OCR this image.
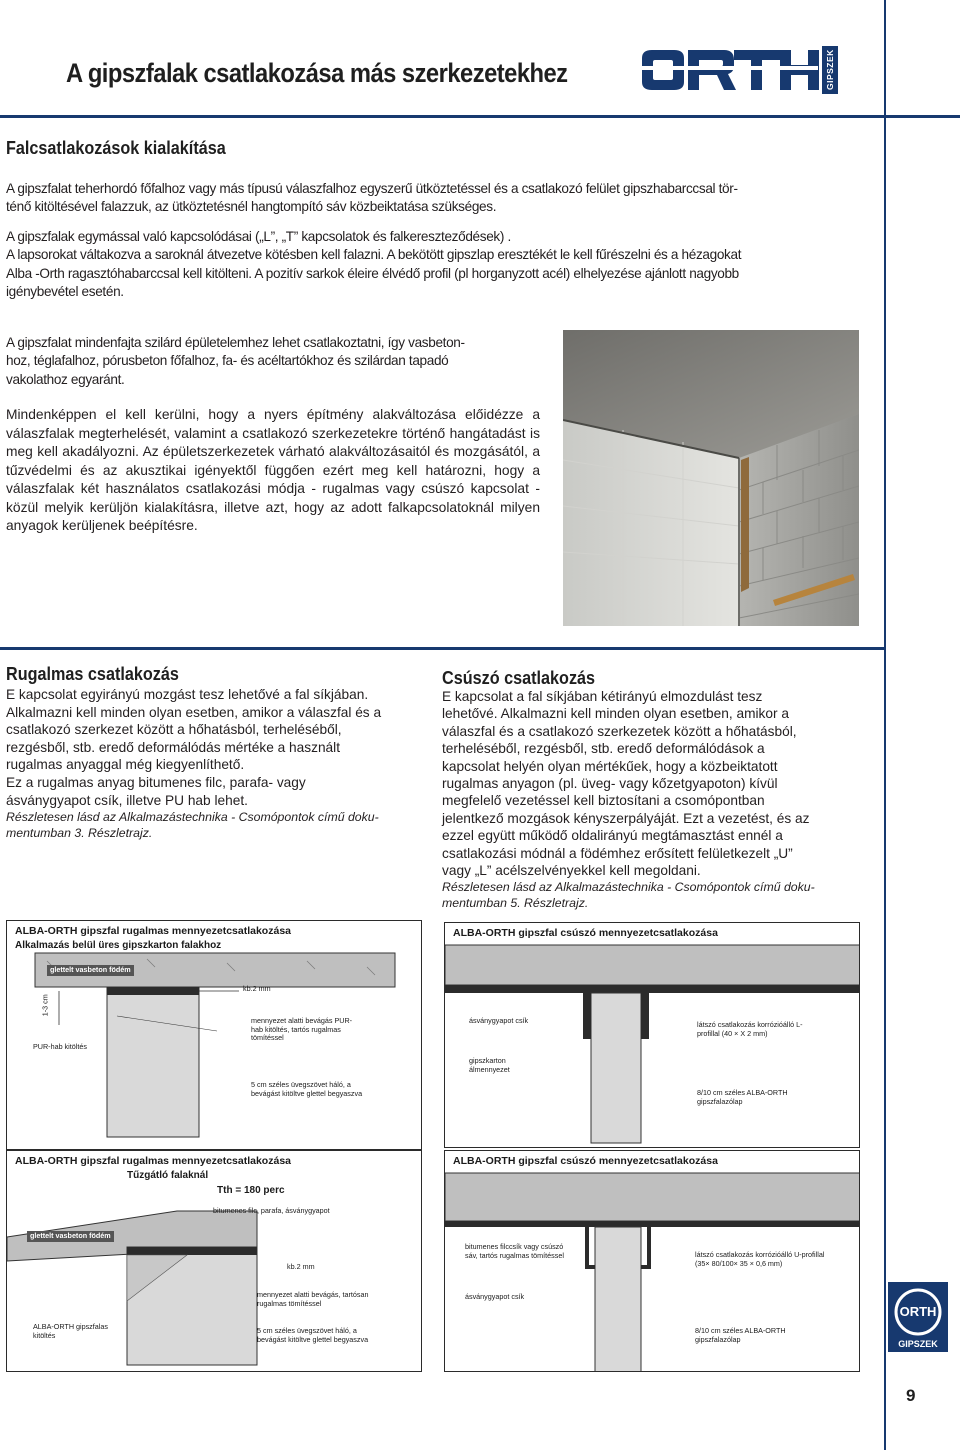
A gipszfalak csatlakozása más szerkezetekhez	GIPSZEK
Falcsatlakozások kialakítása
A gipszfalat teherhordó főfalhoz vagy más típusú válaszfalhoz egyszerű ütköztetéssel és a csatlakozó felület gipszhabarccsal tör-
ténő kitöltésével falazzuk, az ütköztetésnél hangtompító sáv közbeiktatása szükséges.
A gipszfalak egymással való kapcsolódásai („L”, „T” kapcsolatok és falkereszteződések) .
A lapsorokat váltakozva a saroknál átvezetve kötésben kell falazni. A bekötött gipszlap eresztékét le kell fűrészelni és a hézagokat
Alba -Orth ragasztóhabarccsal kell kitölteni. A pozitív sarkok éleire élvédő profil (pl horganyzott acél) elhelyezése ajánlott nagyobb
igénybevétel esetén.
A gipszfalat mindenfajta szilárd épületelemhez lehet csatlakoztatni, így vasbeton-
hoz, téglafalhoz, pórusbeton főfalhoz, fa- és acéltartókhoz és szilárdan tapadó
vakolathoz egyaránt.
Mindenképpen el kell kerülni, hogy a nyers építmény alakváltozása előidézze a válaszfalak megterhelését, valamint a csatlakozó szerkezetekre történő hangátadást is meg kell akadályozni. Az épületszerkezetek várható alakváltozásaitól és mozgásától, a tűzvédelmi és az akusztikai igényektől függően ezért meg kell határozni, hogy a válaszfalak két használatos csatlakozási módja - rugalmas vagy csúszó kapcsolat - közül melyik kerüljön kialakításra, illetve azt, hogy az adott falkapcsolatoknál milyen anyagok kerüljenek beépítésre.
Rugalmas csatlakozás
E kapcsolat egyirányú mozgást tesz lehetővé a fal síkjában.
Alkalmazni kell minden olyan esetben, amikor a válaszfal és a
csatlakozó szerkezet között a hőhatásból, terheléséből,
rezgésből, stb. eredő deformálódás mértéke a használt
rugalmas anyaggal még kiegyenlíthető.
Ez a rugalmas anyag bitumenes filc, parafa- vagy
ásványgyapot csík, illetve PU hab lehet.
Részletesen lásd az Alkalmazástechnika - Csomópontok című doku-
mentumban 3. Részletrajz.
Csúszó csatlakozás
E kapcsolat a fal síkjában kétirányú elmozdulást tesz
lehetővé. Alkalmazni kell minden olyan esetben, amikor a
válaszfal és a csatlakozó szerkezetek között a hőhatásból,
terheléséből, rezgésből, stb. eredő deformálódások a
kapcsolat helyén olyan mértékűek, hogy a közbeiktatott
rugalmas anyagon (pl. üveg- vagy kőzetgyapoton) kívül
megfelelő vezetéssel kell biztosítani a csomópontban
jelentkező mozgások kényszerpályáját. Ezt a vezetést, és az
ezzel együtt működő oldalirányú megtámasztást ennél a
csatlakozási módnál a födémhez erősített felületkezelt „U”
vagy „L” acélszelvényekkel kell megoldani.
Részletesen lásd az Alkalmazástechnika - Csomópontok című doku-
mentumban 5. Részletrajz.
ALBA-ORTH gipszfal rugalmas mennyezetcsatlakozása
Alkalmazás belül üres gipszkarton falakhoz
glettelt vasbeton födém
1-3 cm
kb.2 mm
mennyezet alatti bevágás PUR-hab kitöltés, tartós rugalmas tömítéssel
PUR-hab kitöltés
5 cm széles üvegszövet háló, a bevágást kitöltve glettel begyaszva
ALBA-ORTH gipszfal rugalmas mennyezetcsatlakozása
Tűzgátló falaknál
Tth = 180 perc
bitumenes filc, parafa, ásványgyapot
glettelt vasbeton födém
kb.2 mm
mennyezet alatti bevágás, tartósan rugalmas tömítéssel
ALBA-ORTH gipszfalas kitöltés
5 cm széles üvegszövet háló, a bevágást kitöltve glettel begyaszva
ALBA-ORTH gipszfal csúszó mennyezetcsatlakozása
ásványgyapot csík	látszó csatlakozás korrózióálló L-profillal (40 × X 2 mm)
gipszkarton álmennyezet
8/10 cm széles ALBA-ORTH gipszfalazólap
ALBA-ORTH gipszfal csúszó mennyezetcsatlakozása
bitumenes filccsík vagy csúszó sáv, tartós rugalmas tömítéssel	látszó csatlakozás korrózióálló U-profillal (35× 80/100× 35 × 0,6 mm)
ásványgyapot csík
8/10 cm széles ALBA-ORTH gipszfalazólap
ORTH
GIPSZEK
9
